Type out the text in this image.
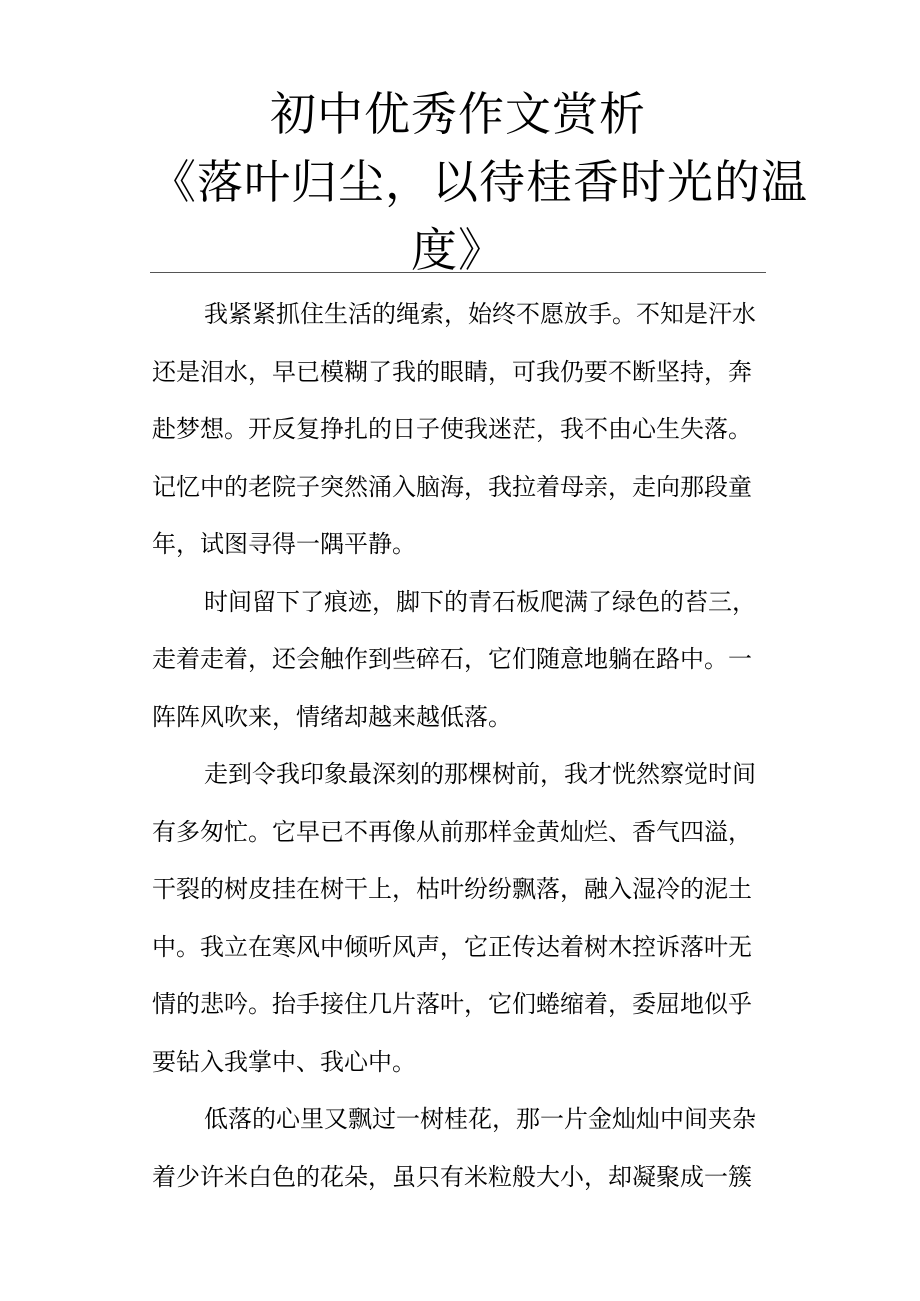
初中优秀作文赏析
《落叶归尘，以待桂香时光的温
度》
我紧紧抓住生活的绳索，始终不愿放手。不知是汗水
还是泪水，早已模糊了我的眼睛，可我仍要不断坚持，奔
赴梦想。开反复挣扎的日子使我迷茫，我不由心生失落。
记忆中的老院子突然涌入脑海，我拉着母亲，走向那段童
年，试图寻得一隅平静。
时间留下了痕迹，脚下的青石板爬满了绿色的苔三，
走着走着，还会触作到些碎石，它们随意地躺在路中。一
阵阵风吹来，情绪却越来越低落。
走到令我印象最深刻的那棵树前，我才恍然察觉时间
有多匆忙。它早已不再像从前那样金黄灿烂、香气四溢，
干裂的树皮挂在树干上，枯叶纷纷飘落，融入湿冷的泥土
中。我立在寒风中倾听风声，它正传达着树木控诉落叶无
情的悲吟。抬手接住几片落叶，它们蜷缩着，委屈地似乎
要钻入我掌中、我心中。
低落的心里又飘过一树桂花，那一片金灿灿中间夹杂
着少许米白色的花朵，虽只有米粒般大小，却凝聚成一簇
